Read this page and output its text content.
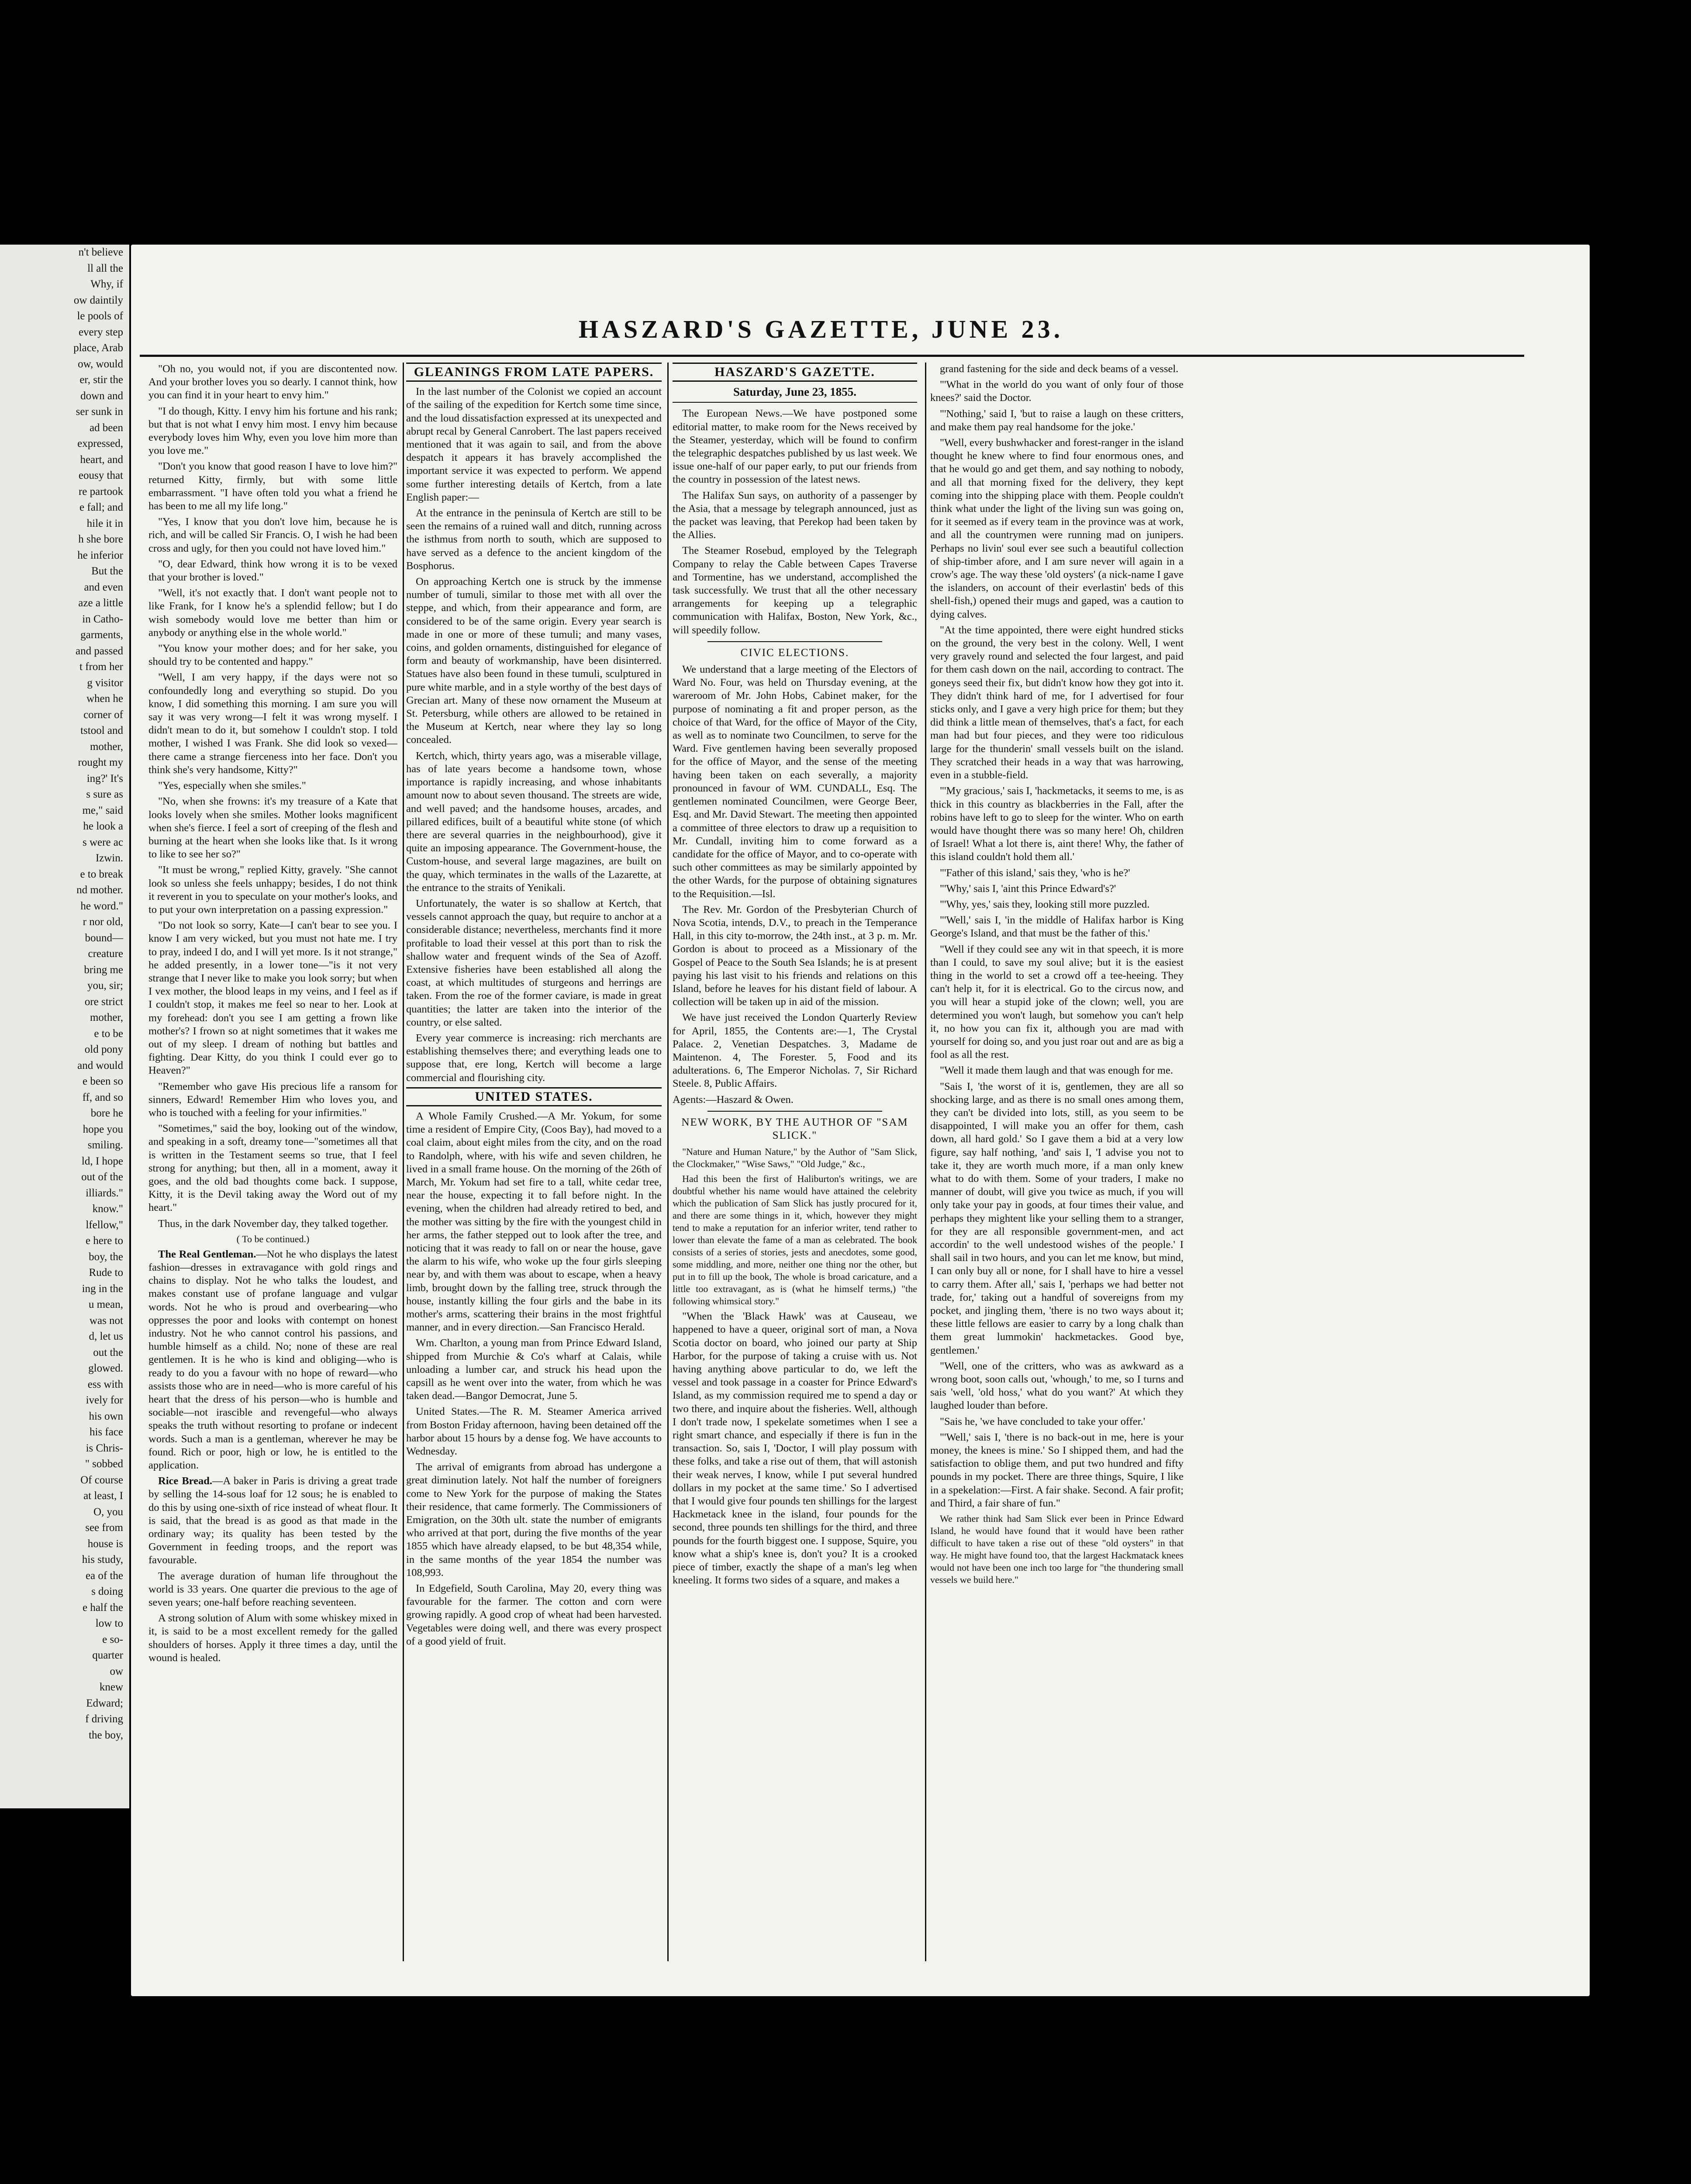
n't believe

ll all the

Why, if

ow daintily

le pools of

every step

place, Arab

ow, would

er, stir the

down and

ser sunk in

ad been

expressed,

heart, and

eousy that

re partook

e fall; and

hile it in

h she bore

he inferior

But the

and even

aze a little

in Catho-

garments,

and passed

t from her

g visitor

when he

corner of

tstool and

mother,

rought my

ing?' It's

s sure as

me," said

he look a

s were ac

Izwin.

e to break

nd mother.

he word."

r nor old,

bound—

creature

bring me

you, sir;

ore strict

mother,

e to be

old pony

and would

e been so

ff, and so

bore he

hope you

smiling.

ld, I hope

out of the

illiards."

know."

lfellow,"

e here to

boy, the

Rude to

ing in the

u mean,

was not

d, let us

out the

glowed.

ess with

ively for

his own

his face

is Chris-

" sobbed

Of course

at least, I

O, you

see from

house is

his study,

ea of the

s doing

e half the

low to

e so-

quarter

ow

knew

Edward;

f driving

the boy,

HASZARD'S GAZETTE, JUNE 23.

"Oh no, you would not, if you are discontented now. And your brother loves you so dearly. I cannot think, how you can find it in your heart to envy him."

"I do though, Kitty. I envy him his fortune and his rank; but that is not what I envy him most. I envy him because everybody loves him Why, even you love him more than you love me."

"Don't you know that good reason I have to love him?" returned Kitty, firmly, but with some little embarrassment. "I have often told you what a friend he has been to me all my life long."

"Yes, I know that you don't love him, because he is rich, and will be called Sir Francis. O, I wish he had been cross and ugly, for then you could not have loved him."

"O, dear Edward, think how wrong it is to be vexed that your brother is loved."

"Well, it's not exactly that. I don't want people not to like Frank, for I know he's a splendid fellow; but I do wish somebody would love me better than him or anybody or anything else in the whole world."

"You know your mother does; and for her sake, you should try to be contented and happy."

"Well, I am very happy, if the days were not so confoundedly long and everything so stupid. Do you know, I did something this morning. I am sure you will say it was very wrong—I felt it was wrong myself. I didn't mean to do it, but somehow I couldn't stop. I told mother, I wished I was Frank. She did look so vexed—there came a strange fierceness into her face. Don't you think she's very handsome, Kitty?"

"Yes, especially when she smiles."

"No, when she frowns: it's my treasure of a Kate that looks lovely when she smiles. Mother looks magnificent when she's fierce. I feel a sort of creeping of the flesh and burning at the heart when she looks like that. Is it wrong to like to see her so?"

"It must be wrong," replied Kitty, gravely. "She cannot look so unless she feels unhappy; besides, I do not think it reverent in you to speculate on your mother's looks, and to put your own interpretation on a passing expression."

"Do not look so sorry, Kate—I can't bear to see you. I know I am very wicked, but you must not hate me. I try to pray, indeed I do, and I will yet more. Is it not strange," he added presently, in a lower tone—"is it not very strange that I never like to make you look sorry; but when I vex mother, the blood leaps in my veins, and I feel as if I couldn't stop, it makes me feel so near to her. Look at my forehead: don't you see I am getting a frown like mother's? I frown so at night sometimes that it wakes me out of my sleep. I dream of nothing but battles and fighting. Dear Kitty, do you think I could ever go to Heaven?"

"Remember who gave His precious life a ransom for sinners, Edward! Remember Him who loves you, and who is touched with a feeling for your infirmities."

"Sometimes," said the boy, looking out of the window, and speaking in a soft, dreamy tone—"sometimes all that is written in the Testament seems so true, that I feel strong for anything; but then, all in a moment, away it goes, and the old bad thoughts come back. I suppose, Kitty, it is the Devil taking away the Word out of my heart."

Thus, in the dark November day, they talked together.

( To be continued.)

The Real Gentleman.—Not he who displays the latest fashion—dresses in extravagance with gold rings and chains to display. Not he who talks the loudest, and makes constant use of profane language and vulgar words. Not he who is proud and overbearing—who oppresses the poor and looks with contempt on honest industry. Not he who cannot control his passions, and humble himself as a child. No; none of these are real gentlemen. It is he who is kind and obliging—who is ready to do you a favour with no hope of reward—who assists those who are in need—who is more careful of his heart that the dress of his person—who is humble and sociable—not irascible and revengeful—who always speaks the truth without resorting to profane or indecent words. Such a man is a gentleman, wherever he may be found. Rich or poor, high or low, he is entitled to the application.

Rice Bread.—A baker in Paris is driving a great trade by selling the 14-sous loaf for 12 sous; he is enabled to do this by using one-sixth of rice instead of wheat flour. It is said, that the bread is as good as that made in the ordinary way; its quality has been tested by the Government in feeding troops, and the report was favourable.

The average duration of human life throughout the world is 33 years. One quarter die previous to the age of seven years; one-half before reaching seventeen.

A strong solution of Alum with some whiskey mixed in it, is said to be a most excellent remedy for the galled shoulders of horses. Apply it three times a day, until the wound is healed.

GLEANINGS FROM LATE PAPERS.

In the last number of the Colonist we copied an account of the sailing of the expedition for Kertch some time since, and the loud dissatisfaction expressed at its unexpected and abrupt recal by General Canrobert. The last papers received mentioned that it was again to sail, and from the above despatch it appears it has bravely accomplished the important service it was expected to perform. We append some further interesting details of Kertch, from a late English paper:—

At the entrance in the peninsula of Kertch are still to be seen the remains of a ruined wall and ditch, running across the isthmus from north to south, which are supposed to have served as a defence to the ancient kingdom of the Bosphorus.

On approaching Kertch one is struck by the immense number of tumuli, similar to those met with all over the steppe, and which, from their appearance and form, are considered to be of the same origin. Every year search is made in one or more of these tumuli; and many vases, coins, and golden ornaments, distinguished for elegance of form and beauty of workmanship, have been disinterred. Statues have also been found in these tumuli, sculptured in pure white marble, and in a style worthy of the best days of Grecian art. Many of these now ornament the Museum at St. Petersburg, while others are allowed to be retained in the Museum at Kertch, near where they lay so long concealed.

Kertch, which, thirty years ago, was a miserable village, has of late years become a handsome town, whose importance is rapidly increasing, and whose inhabitants amount now to about seven thousand. The streets are wide, and well paved; and the handsome houses, arcades, and pillared edifices, built of a beautiful white stone (of which there are several quarries in the neighbourhood), give it quite an imposing appearance. The Government-house, the Custom-house, and several large magazines, are built on the quay, which terminates in the walls of the Lazarette, at the entrance to the straits of Yenikali.

Unfortunately, the water is so shallow at Kertch, that vessels cannot approach the quay, but require to anchor at a considerable distance; nevertheless, merchants find it more profitable to load their vessel at this port than to risk the shallow water and frequent winds of the Sea of Azoff. Extensive fisheries have been established all along the coast, at which multitudes of sturgeons and herrings are taken. From the roe of the former caviare, is made in great quantities; the latter are taken into the interior of the country, or else salted.

Every year commerce is increasing: rich merchants are establishing themselves there; and everything leads one to suppose that, ere long, Kertch will become a large commercial and flourishing city.

UNITED STATES.

A Whole Family Crushed.—A Mr. Yokum, for some time a resident of Empire City, (Coos Bay), had moved to a coal claim, about eight miles from the city, and on the road to Randolph, where, with his wife and seven children, he lived in a small frame house. On the morning of the 26th of March, Mr. Yokum had set fire to a tall, white cedar tree, near the house, expecting it to fall before night. In the evening, when the children had already retired to bed, and the mother was sitting by the fire with the youngest child in her arms, the father stepped out to look after the tree, and noticing that it was ready to fall on or near the house, gave the alarm to his wife, who woke up the four girls sleeping near by, and with them was about to escape, when a heavy limb, brought down by the falling tree, struck through the house, instantly killing the four girls and the babe in its mother's arms, scattering their brains in the most frightful manner, and in every direction.—San Francisco Herald.

Wm. Charlton, a young man from Prince Edward Island, shipped from Murchie & Co's wharf at Calais, while unloading a lumber car, and struck his head upon the capsill as he went over into the water, from which he was taken dead.—Bangor Democrat, June 5.

United States.—The R. M. Steamer America arrived from Boston Friday afternoon, having been detained off the harbor about 15 hours by a dense fog. We have accounts to Wednesday.

The arrival of emigrants from abroad has undergone a great diminution lately. Not half the number of foreigners come to New York for the purpose of making the States their residence, that came formerly. The Commissioners of Emigration, on the 30th ult. state the number of emigrants who arrived at that port, during the five months of the year 1855 which have already elapsed, to be but 48,354 while, in the same months of the year 1854 the number was 108,993.

In Edgefield, South Carolina, May 20, every thing was favourable for the farmer. The cotton and corn were growing rapidly. A good crop of wheat had been harvested. Vegetables were doing well, and there was every prospect of a good yield of fruit.

HASZARD'S GAZETTE.

Saturday, June 23, 1855.

The European News.—We have postponed some editorial matter, to make room for the News received by the Steamer, yesterday, which will be found to confirm the telegraphic despatches published by us last week. We issue one-half of our paper early, to put our friends from the country in possession of the latest news.

The Halifax Sun says, on authority of a passenger by the Asia, that a message by telegraph announced, just as the packet was leaving, that Perekop had been taken by the Allies.

The Steamer Rosebud, employed by the Telegraph Company to relay the Cable between Capes Traverse and Tormentine, has we understand, accomplished the task successfully. We trust that all the other necessary arrangements for keeping up a telegraphic communication with Halifax, Boston, New York, &c., will speedily follow.

CIVIC ELECTIONS.

We understand that a large meeting of the Electors of Ward No. Four, was held on Thursday evening, at the wareroom of Mr. John Hobs, Cabinet maker, for the purpose of nominating a fit and proper person, as the choice of that Ward, for the office of Mayor of the City, as well as to nominate two Councilmen, to serve for the Ward. Five gentlemen having been severally proposed for the office of Mayor, and the sense of the meeting having been taken on each severally, a majority pronounced in favour of WM. CUNDALL, Esq. The gentlemen nominated Councilmen, were George Beer, Esq. and Mr. David Stewart. The meeting then appointed a committee of three electors to draw up a requisition to Mr. Cundall, inviting him to come forward as a candidate for the office of Mayor, and to co-operate with such other committees as may be similarly appointed by the other Wards, for the purpose of obtaining signatures to the Requisition.—Isl.

The Rev. Mr. Gordon of the Presbyterian Church of Nova Scotia, intends, D.V., to preach in the Temperance Hall, in this city to-morrow, the 24th inst., at 3 p. m. Mr. Gordon is about to proceed as a Missionary of the Gospel of Peace to the South Sea Islands; he is at present paying his last visit to his friends and relations on this Island, before he leaves for his distant field of labour. A collection will be taken up in aid of the mission.

We have just received the London Quarterly Review for April, 1855, the Contents are:—1, The Crystal Palace. 2, Venetian Despatches. 3, Madame de Maintenon. 4, The Forester. 5, Food and its adulterations. 6, The Emperor Nicholas. 7, Sir Richard Steele. 8, Public Affairs.

Agents:—Haszard & Owen.

NEW WORK, BY THE AUTHOR OF "SAM SLICK."

"Nature and Human Nature," by the Author of "Sam Slick, the Clockmaker," "Wise Saws," "Old Judge," &c.,

Had this been the first of Haliburton's writings, we are doubtful whether his name would have attained the celebrity which the publication of Sam Slick has justly procured for it, and there are some things in it, which, however they might tend to make a reputation for an inferior writer, tend rather to lower than elevate the fame of a man as celebrated. The book consists of a series of stories, jests and anecdotes, some good, some middling, and more, neither one thing nor the other, but put in to fill up the book, The whole is broad caricature, and a little too extravagant, as is (what he himself terms,) "the following whimsical story."

"When the 'Black Hawk' was at Causeau, we happened to have a queer, original sort of man, a Nova Scotia doctor on board, who joined our party at Ship Harbor, for the purpose of taking a cruise with us. Not having anything above particular to do, we left the vessel and took passage in a coaster for Prince Edward's Island, as my commission required me to spend a day or two there, and inquire about the fisheries. Well, although I don't trade now, I spekelate sometimes when I see a right smart chance, and especially if there is fun in the transaction. So, sais I, 'Doctor, I will play possum with these folks, and take a rise out of them, that will astonish their weak nerves, I know, while I put several hundred dollars in my pocket at the same time.' So I advertised that I would give four pounds ten shillings for the largest Hackmetack knee in the island, four pounds for the second, three pounds ten shillings for the third, and three pounds for the fourth biggest one. I suppose, Squire, you know what a ship's knee is, don't you? It is a crooked piece of timber, exactly the shape of a man's leg when kneeling. It forms two sides of a square, and makes a

grand fastening for the side and deck beams of a vessel.

"'What in the world do you want of only four of those knees?' said the Doctor.

"'Nothing,' said I, 'but to raise a laugh on these critters, and make them pay real handsome for the joke.'

"Well, every bushwhacker and forest-ranger in the island thought he knew where to find four enormous ones, and that he would go and get them, and say nothing to nobody, and all that morning fixed for the delivery, they kept coming into the shipping place with them. People couldn't think what under the light of the living sun was going on, for it seemed as if every team in the province was at work, and all the countrymen were running mad on junipers. Perhaps no livin' soul ever see such a beautiful collection of ship-timber afore, and I am sure never will again in a crow's age. The way these 'old oysters' (a nick-name I gave the islanders, on account of their everlastin' beds of this shell-fish,) opened their mugs and gaped, was a caution to dying calves.

"At the time appointed, there were eight hundred sticks on the ground, the very best in the colony. Well, I went very gravely round and selected the four largest, and paid for them cash down on the nail, according to contract. The goneys seed their fix, but didn't know how they got into it. They didn't think hard of me, for I advertised for four sticks only, and I gave a very high price for them; but they did think a little mean of themselves, that's a fact, for each man had but four pieces, and they were too ridiculous large for the thunderin' small vessels built on the island. They scratched their heads in a way that was harrowing, even in a stubble-field.

"'My gracious,' sais I, 'hackmetacks, it seems to me, is as thick in this country as blackberries in the Fall, after the robins have left to go to sleep for the winter. Who on earth would have thought there was so many here! Oh, children of Israel! What a lot there is, aint there! Why, the father of this island couldn't hold them all.'

"'Father of this island,' sais they, 'who is he?'

"'Why,' sais I, 'aint this Prince Edward's?'

"'Why, yes,' sais they, looking still more puzzled.

"'Well,' sais I, 'in the middle of Halifax harbor is King George's Island, and that must be the father of this.'

"Well if they could see any wit in that speech, it is more than I could, to save my soul alive; but it is the easiest thing in the world to set a crowd off a tee-heeing. They can't help it, for it is electrical. Go to the circus now, and you will hear a stupid joke of the clown; well, you are determined you won't laugh, but somehow you can't help it, no how you can fix it, although you are mad with yourself for doing so, and you just roar out and are as big a fool as all the rest.

"Well it made them laugh and that was enough for me.

"Sais I, 'the worst of it is, gentlemen, they are all so shocking large, and as there is no small ones among them, they can't be divided into lots, still, as you seem to be disappointed, I will make you an offer for them, cash down, all hard gold.' So I gave them a bid at a very low figure, say half nothing, 'and' sais I, 'I advise you not to take it, they are worth much more, if a man only knew what to do with them. Some of your traders, I make no manner of doubt, will give you twice as much, if you will only take your pay in goods, at four times their value, and perhaps they mightent like your selling them to a stranger, for they are all responsible government-men, and act accordin' to the well undestood wishes of the people.' I shall sail in two hours, and you can let me know, but mind, I can only buy all or none, for I shall have to hire a vessel to carry them. After all,' sais I, 'perhaps we had better not trade, for,' taking out a handful of sovereigns from my pocket, and jingling them, 'there is no two ways about it; these little fellows are easier to carry by a long chalk than them great lummokin' hackmetackes. Good bye, gentlemen.'

"Well, one of the critters, who was as awkward as a wrong boot, soon calls out, 'whough,' to me, so I turns and sais 'well, 'old hoss,' what do you want?' At which they laughed louder than before.

"Sais he, 'we have concluded to take your offer.'

"'Well,' sais I, 'there is no back-out in me, here is your money, the knees is mine.' So I shipped them, and had the satisfaction to oblige them, and put two hundred and fifty pounds in my pocket. There are three things, Squire, I like in a spekelation:—First. A fair shake. Second. A fair profit; and Third, a fair share of fun."

We rather think had Sam Slick ever been in Prince Edward Island, he would have found that it would have been rather difficult to have taken a rise out of these "old oysters" in that way. He might have found too, that the largest Hackmatack knees would not have been one inch too large for "the thundering small vessels we build here."
